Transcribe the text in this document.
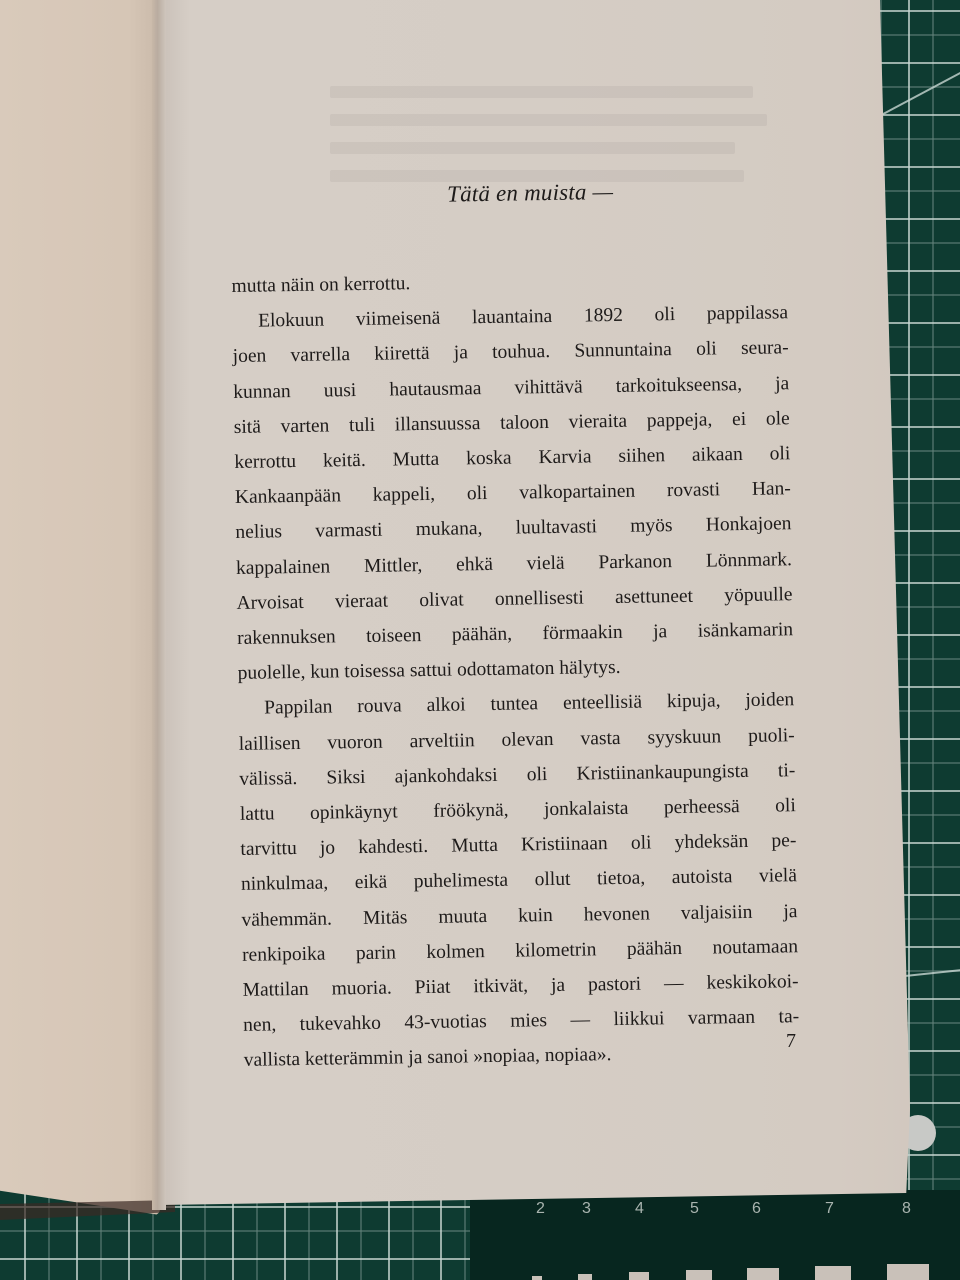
2 3	4	5	6	7	8
Tätä en muista —
mutta näin on kerrottu.
Elokuun viimeisenä lauantaina 1892 oli pappilassa
joen varrella kiirettä ja touhua. Sunnuntaina oli seura-
kunnan uusi hautausmaa vihittävä tarkoitukseensa, ja
sitä varten tuli illansuussa taloon vieraita pappeja, ei ole
kerrottu keitä. Mutta koska Karvia siihen aikaan oli
Kankaanpään kappeli, oli valkopartainen rovasti Han-
nelius varmasti mukana, luultavasti myös Honkajoen
kappalainen Mittler, ehkä vielä Parkanon Lönnmark.
Arvoisat vieraat olivat onnellisesti asettuneet yöpuulle
rakennuksen toiseen päähän, förmaakin ja isänkamarin
puolelle, kun toisessa sattui odottamaton hälytys.
Pappilan rouva alkoi tuntea enteellisiä kipuja, joiden
laillisen vuoron arveltiin olevan vasta syyskuun puoli-
välissä. Siksi ajankohdaksi oli Kristiinankaupungista ti-
lattu opinkäynyt fröökynä, jonkalaista perheessä oli
tarvittu jo kahdesti. Mutta Kristiinaan oli yhdeksän pe-
ninkulmaa, eikä puhelimesta ollut tietoa, autoista vielä
vähemmän. Mitäs muuta kuin hevonen valjaisiin ja
renkipoika parin kolmen kilometrin päähän noutamaan
Mattilan muoria. Piiat itkivät, ja pastori — keskikokoi-
nen, tukevahko 43-vuotias mies — liikkui varmaan ta-
vallista ketterämmin ja sanoi »nopiaa, nopiaa».
7
